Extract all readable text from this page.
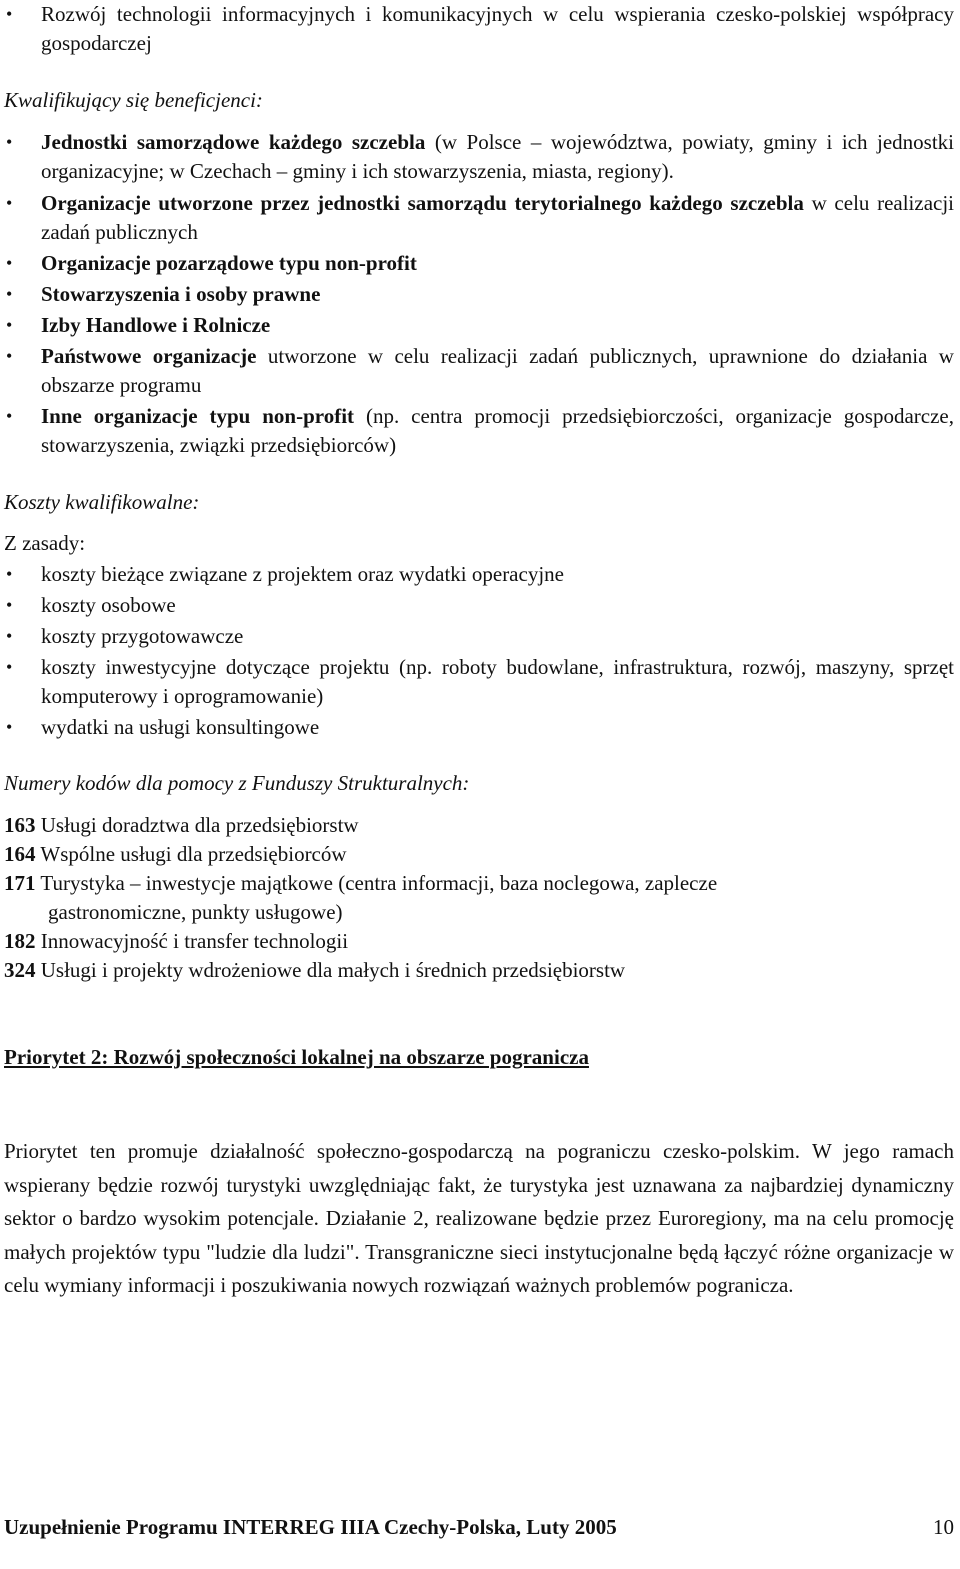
• Rozwój technologii informacyjnych i komunikacyjnych w celu wspierania czesko-polskiej współpracy gospodarczej

Kwalifikujący się beneficjenci:

• Jednostki samorządowe każdego szczebla (w Polsce – województwa, powiaty, gminy i ich jednostki organizacyjne; w Czechach – gminy i ich stowarzyszenia, miasta, regiony).
• Organizacje utworzone przez jednostki samorządu terytorialnego każdego szczebla w celu realizacji zadań publicznych
• Organizacje pozarządowe typu non-profit
• Stowarzyszenia i osoby prawne
• Izby Handlowe i Rolnicze
• Państwowe organizacje utworzone w celu realizacji zadań publicznych, uprawnione do działania w obszarze programu
• Inne organizacje typu non-profit (np. centra promocji przedsiębiorczości, organizacje gospodarcze, stowarzyszenia, związki przedsiębiorców)

Koszty kwalifikowalne:

Z zasady:

• koszty bieżące związane z projektem oraz wydatki operacyjne
• koszty osobowe
• koszty przygotowawcze
• koszty inwestycyjne dotyczące projektu (np. roboty budowlane, infrastruktura, rozwój, maszyny, sprzęt komputerowy i oprogramowanie)
• wydatki na usługi konsultingowe

Numery kodów dla pomocy z Funduszy Strukturalnych:

163 Usługi doradztwa dla przedsiębiorstw

164 Wspólne usługi dla przedsiębiorców

171 Turystyka – inwestycje majątkowe (centra informacji, baza noclegowa, zaplecze
gastronomiczne, punkty usługowe)

182 Innowacyjność i transfer technologii

324 Usługi i projekty wdrożeniowe dla małych i średnich przedsiębiorstw

Priorytet 2: Rozwój społeczności lokalnej na obszarze pogranicza

Priorytet ten promuje działalność społeczno-gospodarczą na pograniczu czesko-polskim. W jego ramach wspierany będzie rozwój turystyki uwzględniając fakt, że turystyka jest uznawana za najbardziej dynamiczny sektor o bardzo wysokim potencjale. Działanie 2, realizowane będzie przez Euroregiony, ma na celu promocję małych projektów typu "ludzie dla ludzi". Transgraniczne sieci instytucjonalne będą łączyć różne organizacje w celu wymiany informacji i poszukiwania nowych rozwiązań ważnych problemów pogranicza.

Uzupełnienie Programu INTERREG IIIA Czechy-Polska, Luty 2005	10
